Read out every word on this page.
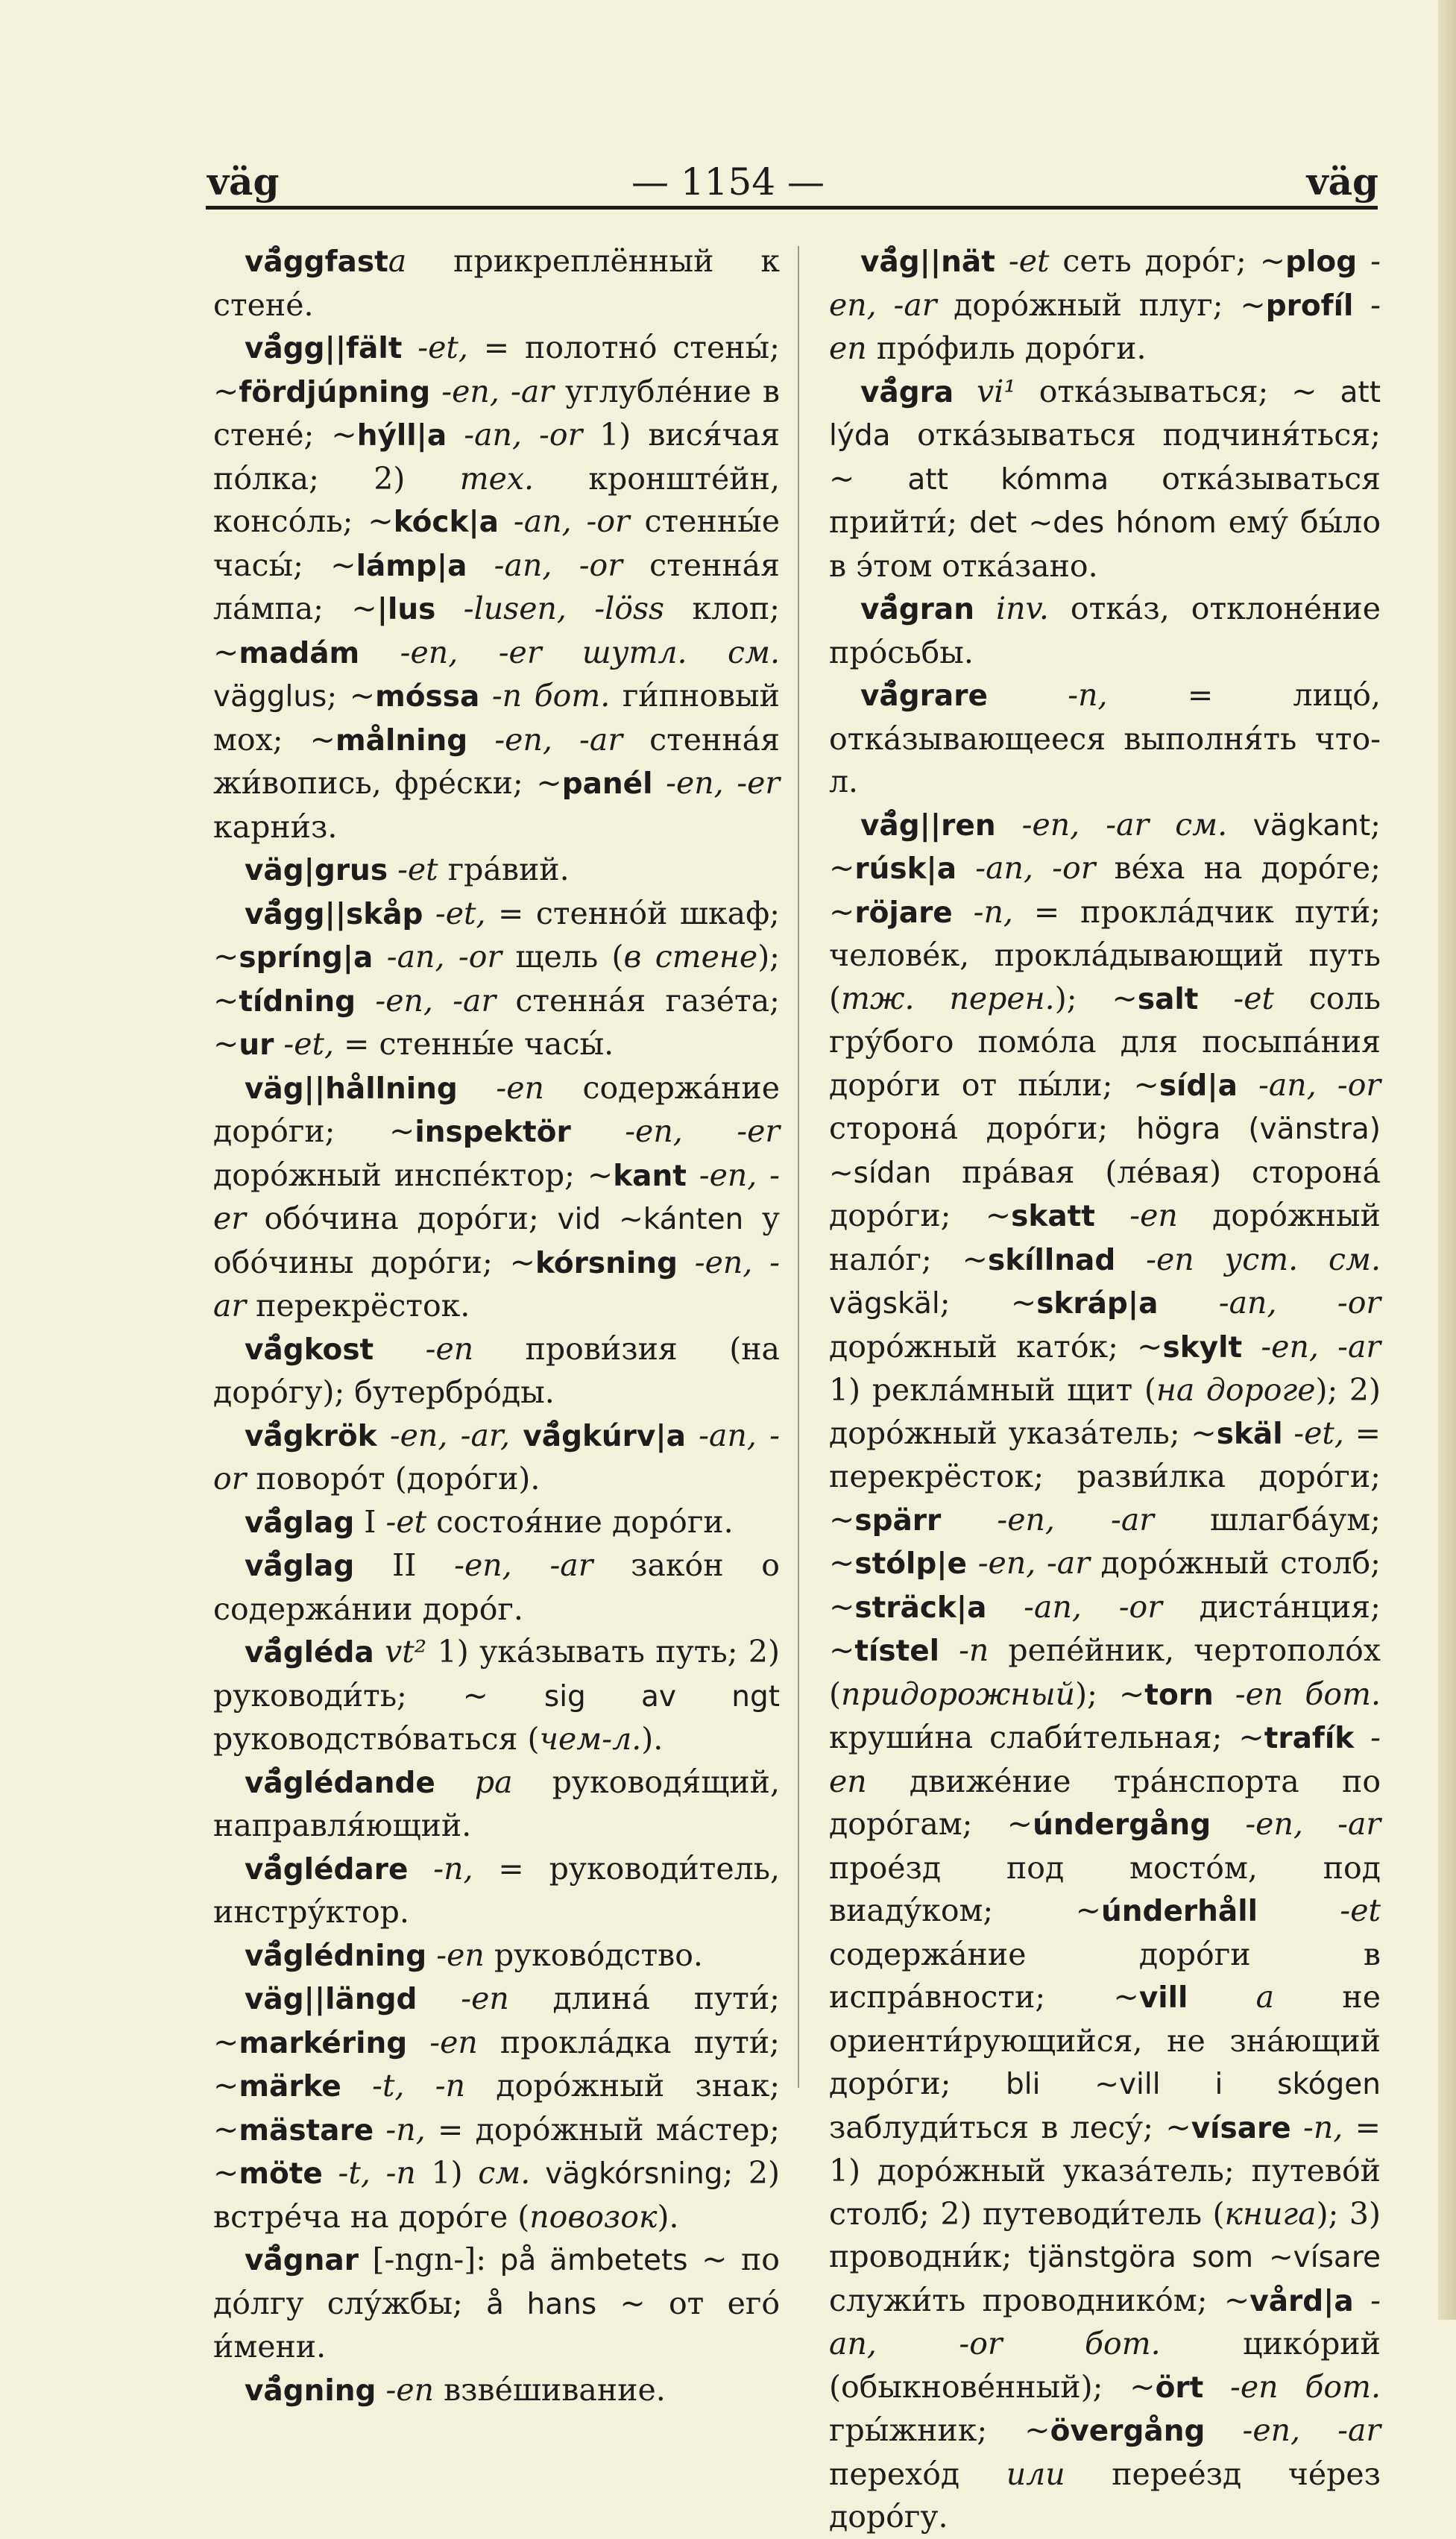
väg	— 1154 —	väg

vä̊ggfasta прикреплённый к стене́.

vä̊gg||fält -et, = полотно́ стены́; ~fördjúpning -en, -ar углубле́ние в стене́; ~hýll|a -an, -or 1) вися́чая по́лка; 2) тех. кронште́йн, консо́ль; ~kóck|a -an, -or стенны́е часы́; ~lámp|a -an, -or стенна́я ла́мпа; ~|lus -lusen, -löss клоп; ~madám -en, -er шутл. см. vägglus; ~móssa -n бот. ги́пновый мох; ~målning -en, -ar стенна́я жи́вопись, фре́ски; ~panél -en, -er карни́з.

väg|grus -et гра́вий.

vä̊gg||skåp -et, = стенно́й шкаф; ~spríng|a -an, -or щель (в стене); ~tídning -en, -ar стенна́я газе́та; ~ur -et, = стенны́е часы́.

väg||hållning -en содержа́ние доро́ги; ~inspektör -en, -er доро́жный инспе́ктор; ~kant -en, -er обо́чина доро́ги; vid ~kánten у обо́чины доро́ги; ~kórsning -en, -ar перекрёсток.

vä̊gkost -en прови́зия (на доро́гу); бутербро́ды.

vä̊gkrök -en, -ar, vä̊gkúrv|a -an, -or поворо́т (доро́ги).

vä̊glag I -et состоя́ние доро́ги.

vä̊glag II -en, -ar зако́н о содержа́нии доро́г.

vä̊gléda vt² 1) ука́зывать путь; 2) руководи́ть; ~ sig av ngt руководство́ваться (чем-л.).

vä̊glédande pa руководя́щий, направля́ющий.

vä̊glédare -n, = руководи́тель, инстру́ктор.

vä̊glédning -en руково́дство.

väg||längd -en длина́ пути́; ~markéring -en прокла́дка пути́; ~märke -t, -n доро́жный знак; ~mästare -n, = доро́жный ма́стер; ~möte -t, -n 1) см. vägkórsning; 2) встре́ча на доро́ге (повозок).

vä̊gnar [-ngn-]: på ämbetets ~ по до́лгу слу́жбы; å hans ~ от его́ и́мени.

vä̊gning -en взве́шивание.

vä̊g||nät -et сеть доро́г; ~plog -en, -ar доро́жный плуг; ~profíl -en про́филь доро́ги.

vä̊gra vi¹ отка́зываться; ~ att lýda отка́зываться подчиня́ться; ~ att kómma отка́зываться прийти́; det ~des hónom ему́ бы́ло в э́том отка́зано.

vä̊gran inv. отка́з, отклоне́ние про́сьбы.

vä̊grare -n, = лицо́, отка́зывающееся выполня́ть что-л.

vä̊g||ren -en, -ar см. vägkant; ~rúsk|a -an, -or ве́ха на доро́ге; ~röjare -n, = прокла́дчик пути́; челове́к, прокла́дывающий путь (тж. перен.); ~salt -et соль гру́бого помо́ла для посыпа́ния доро́ги от пы́ли; ~síd|a -an, -or сторона́ доро́ги; högra (vänstra) ~sídan пра́вая (ле́вая) сторона́ доро́ги; ~skatt -en доро́жный нало́г; ~skíllnad -en уст. см. vägskäl; ~skráp|a -an, -or доро́жный като́к; ~skylt -en, -ar 1) рекла́мный щит (на дороге); 2) доро́жный указа́тель; ~skäl -et, = перекрёсток; разви́лка доро́ги; ~spärr -en, -ar шлагба́ум; ~stólp|e -en, -ar доро́жный столб; ~sträck|a -an, -or диста́нция; ~tístel -n репе́йник, чертополо́х (придорожный); ~torn -en бот. круши́на слаби́тельная; ~trafík -en движе́ние тра́нспорта по доро́гам; ~úndergång -en, -ar прое́зд под мосто́м, под виаду́ком; ~únderhåll -et содержа́ние доро́ги в испра́вности; ~vill a не ориенти́рующийся, не зна́ющий доро́ги; bli ~vill i skógen заблуди́ться в лесу́; ~vísare -n, = 1) доро́жный указа́тель; путево́й столб; 2) путеводи́тель (книга); 3) проводни́к; tjänstgöra som ~vísare служи́ть проводнико́м; ~vård|a -an, -or бот. цико́рий (обыкнове́нный); ~ört -en бот. гры́жник; ~övergång -en, -ar перехо́д или перее́зд че́рез доро́гу.
